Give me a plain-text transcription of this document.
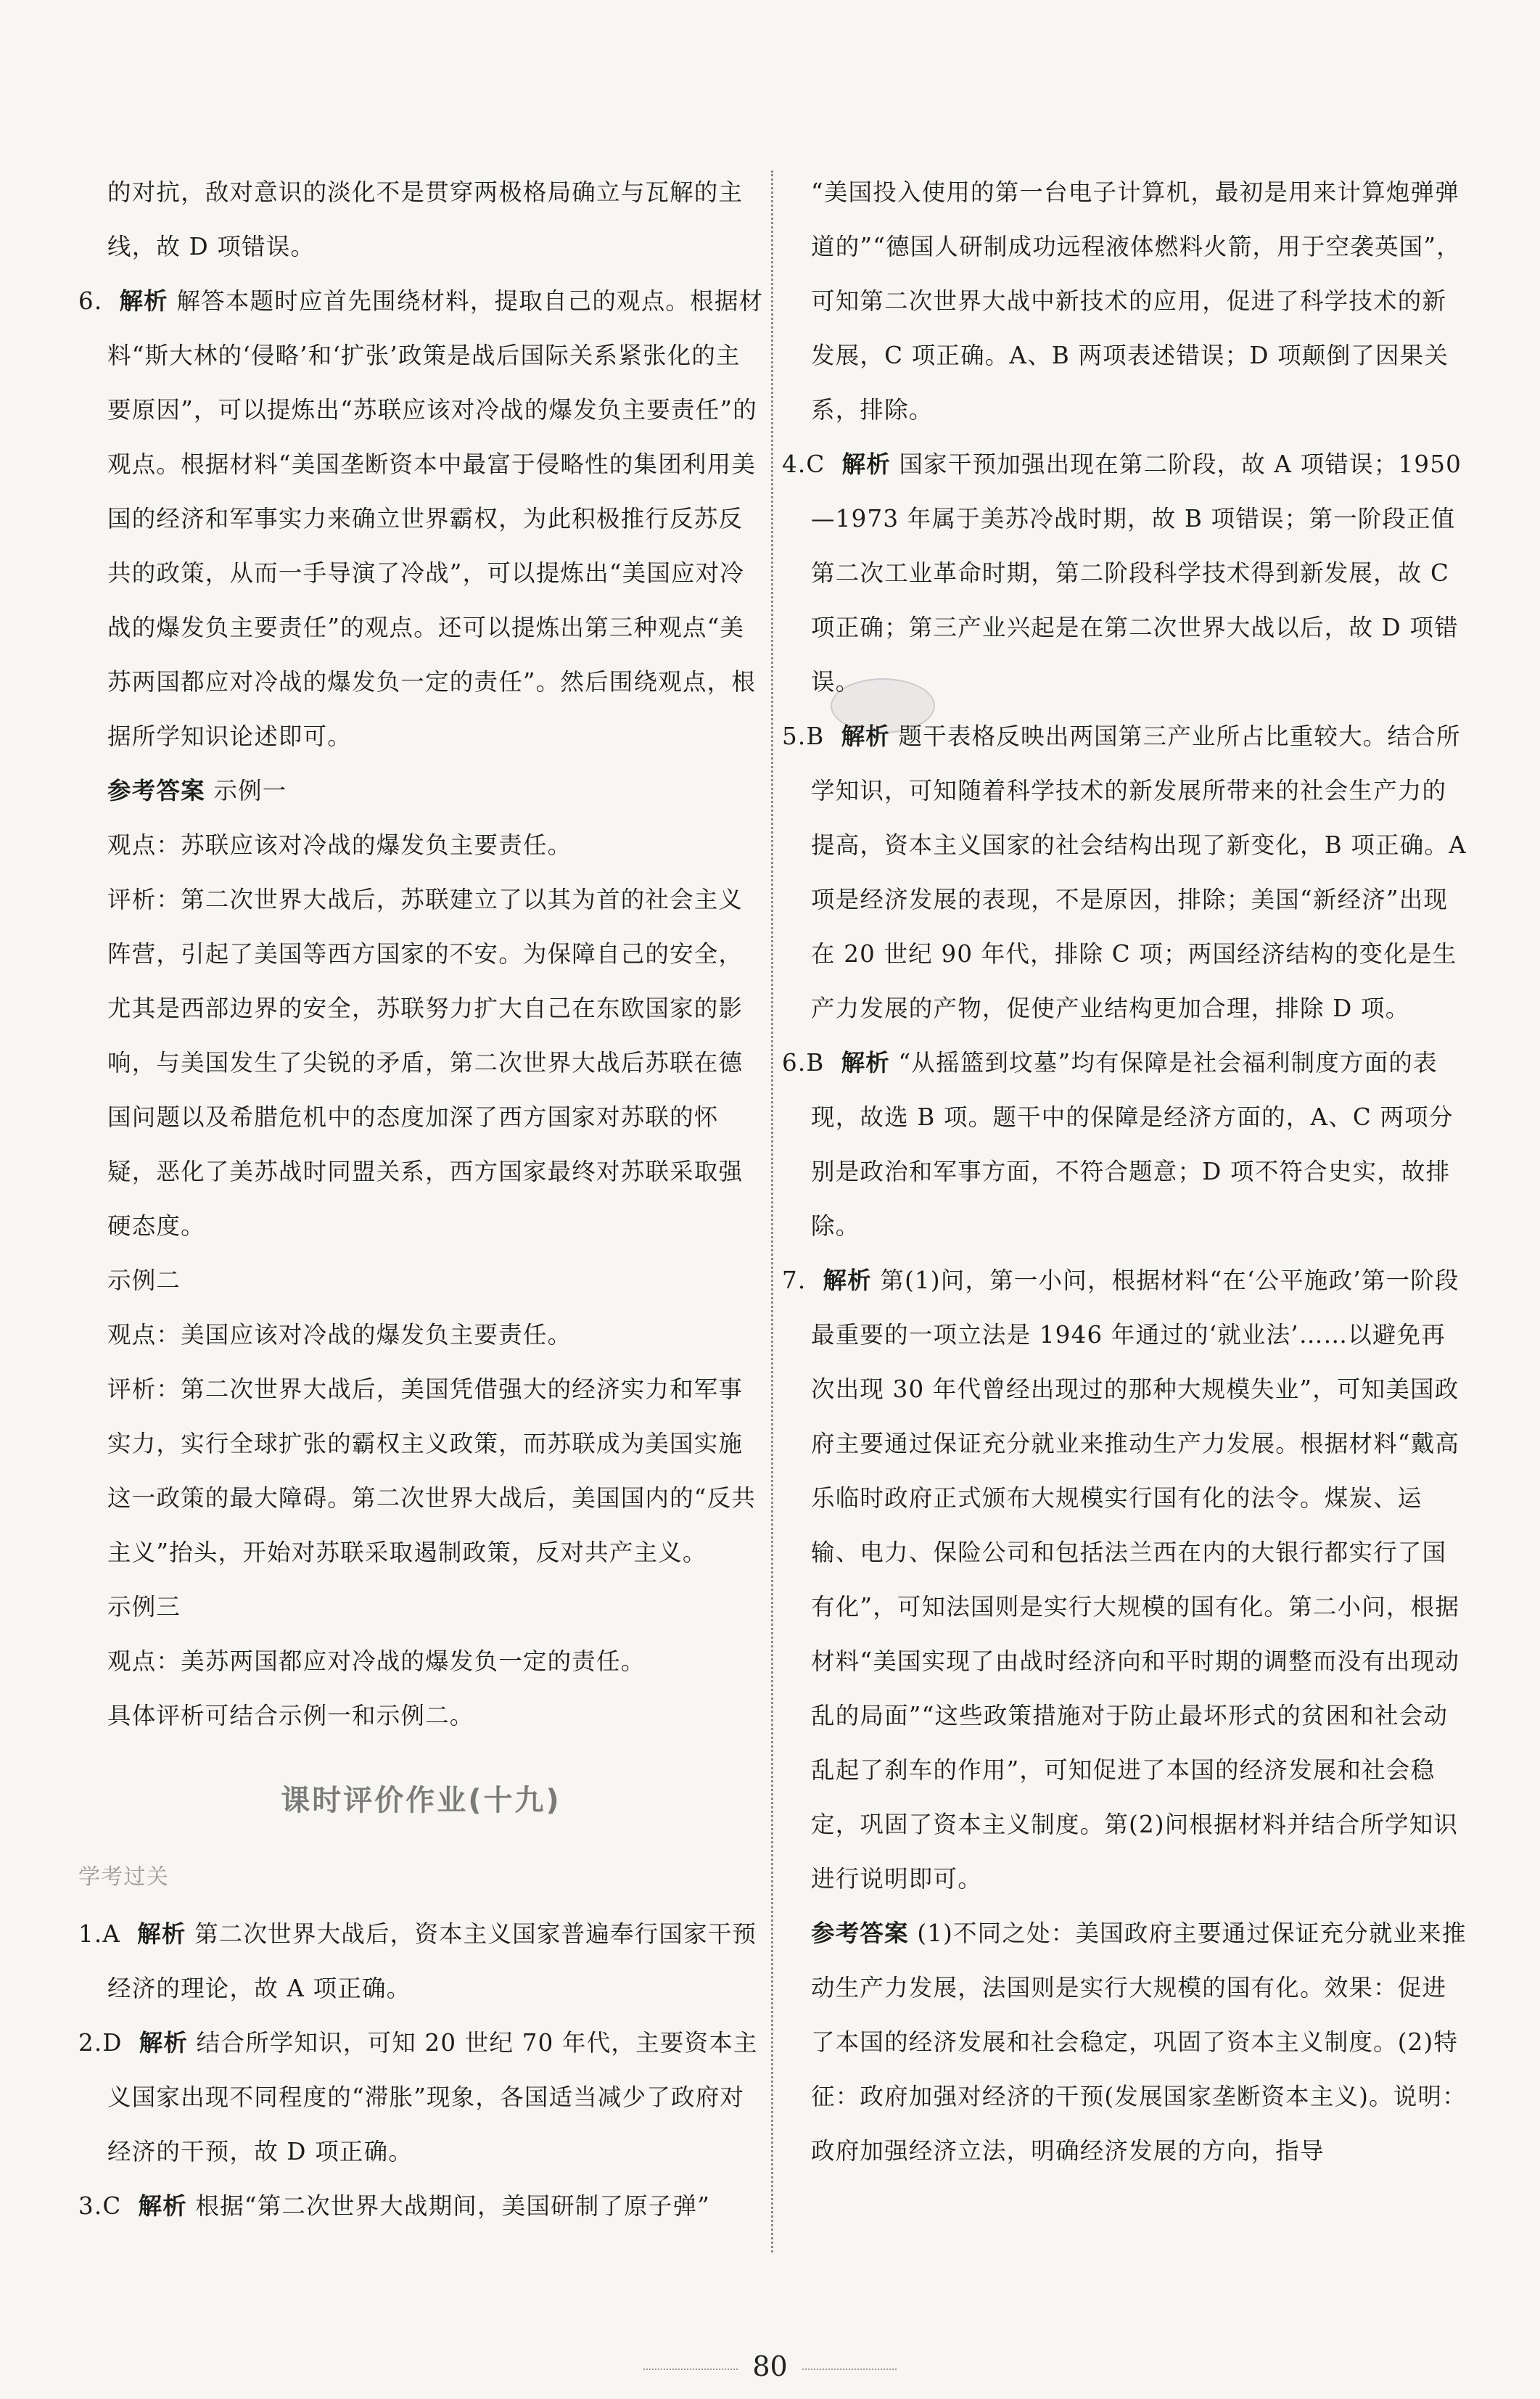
的对抗，敌对意识的淡化不是贯穿两极格局确立与瓦解的主线，故 D 项错误。

6.  解析 解答本题时应首先围绕材料，提取自己的观点。根据材料“斯大林的‘侵略’和‘扩张’政策是战后国际关系紧张化的主要原因”，可以提炼出“苏联应该对冷战的爆发负主要责任”的观点。根据材料“美国垄断资本中最富于侵略性的集团利用美国的经济和军事实力来确立世界霸权，为此积极推行反苏反共的政策，从而一手导演了冷战”，可以提炼出“美国应对冷战的爆发负主要责任”的观点。还可以提炼出第三种观点“美苏两国都应对冷战的爆发负一定的责任”。然后围绕观点，根据所学知识论述即可。

参考答案 示例一

观点：苏联应该对冷战的爆发负主要责任。

评析：第二次世界大战后，苏联建立了以其为首的社会主义阵营，引起了美国等西方国家的不安。为保障自己的安全，尤其是西部边界的安全，苏联努力扩大自己在东欧国家的影响，与美国发生了尖锐的矛盾，第二次世界大战后苏联在德国问题以及希腊危机中的态度加深了西方国家对苏联的怀疑，恶化了美苏战时同盟关系，西方国家最终对苏联采取强硬态度。

示例二

观点：美国应该对冷战的爆发负主要责任。

评析：第二次世界大战后，美国凭借强大的经济实力和军事实力，实行全球扩张的霸权主义政策，而苏联成为美国实施这一政策的最大障碍。第二次世界大战后，美国国内的“反共主义”抬头，开始对苏联采取遏制政策，反对共产主义。

示例三

观点：美苏两国都应对冷战的爆发负一定的责任。

具体评析可结合示例一和示例二。

课时评价作业(十九)
学考过关

1.A  解析 第二次世界大战后，资本主义国家普遍奉行国家干预经济的理论，故 A 项正确。

2.D  解析 结合所学知识，可知 20 世纪 70 年代，主要资本主义国家出现不同程度的“滞胀”现象，各国适当减少了政府对经济的干预，故 D 项正确。

3.C  解析 根据“第二次世界大战期间，美国研制了原子弹”

“美国投入使用的第一台电子计算机，最初是用来计算炮弹弹道的”“德国人研制成功远程液体燃料火箭，用于空袭英国”，可知第二次世界大战中新技术的应用，促进了科学技术的新发展，C 项正确。A、B 两项表述错误；D 项颠倒了因果关系，排除。

4.C  解析 国家干预加强出现在第二阶段，故 A 项错误；1950—1973 年属于美苏冷战时期，故 B 项错误；第一阶段正值第二次工业革命时期，第二阶段科学技术得到新发展，故 C 项正确；第三产业兴起是在第二次世界大战以后，故 D 项错误。

5.B  解析 题干表格反映出两国第三产业所占比重较大。结合所学知识，可知随着科学技术的新发展所带来的社会生产力的提高，资本主义国家的社会结构出现了新变化，B 项正确。A 项是经济发展的表现，不是原因，排除；美国“新经济”出现在 20 世纪 90 年代，排除 C 项；两国经济结构的变化是生产力发展的产物，促使产业结构更加合理，排除 D 项。

6.B  解析 “从摇篮到坟墓”均有保障是社会福利制度方面的表现，故选 B 项。题干中的保障是经济方面的，A、C 两项分别是政治和军事方面，不符合题意；D 项不符合史实，故排除。

7.  解析 第(1)问，第一小问，根据材料“在‘公平施政’第一阶段最重要的一项立法是 1946 年通过的‘就业法’……以避免再次出现 30 年代曾经出现过的那种大规模失业”，可知美国政府主要通过保证充分就业来推动生产力发展。根据材料“戴高乐临时政府正式颁布大规模实行国有化的法令。煤炭、运输、电力、保险公司和包括法兰西在内的大银行都实行了国有化”，可知法国则是实行大规模的国有化。第二小问，根据材料“美国实现了由战时经济向和平时期的调整而没有出现动乱的局面”“这些政策措施对于防止最坏形式的贫困和社会动乱起了刹车的作用”，可知促进了本国的经济发展和社会稳定，巩固了资本主义制度。第(2)问根据材料并结合所学知识进行说明即可。

参考答案 (1)不同之处：美国政府主要通过保证充分就业来推动生产力发展，法国则是实行大规模的国有化。效果：促进了本国的经济发展和社会稳定，巩固了资本主义制度。(2)特征：政府加强对经济的干预(发展国家垄断资本主义)。说明：政府加强经济立法，明确经济发展的方向，指导

80
